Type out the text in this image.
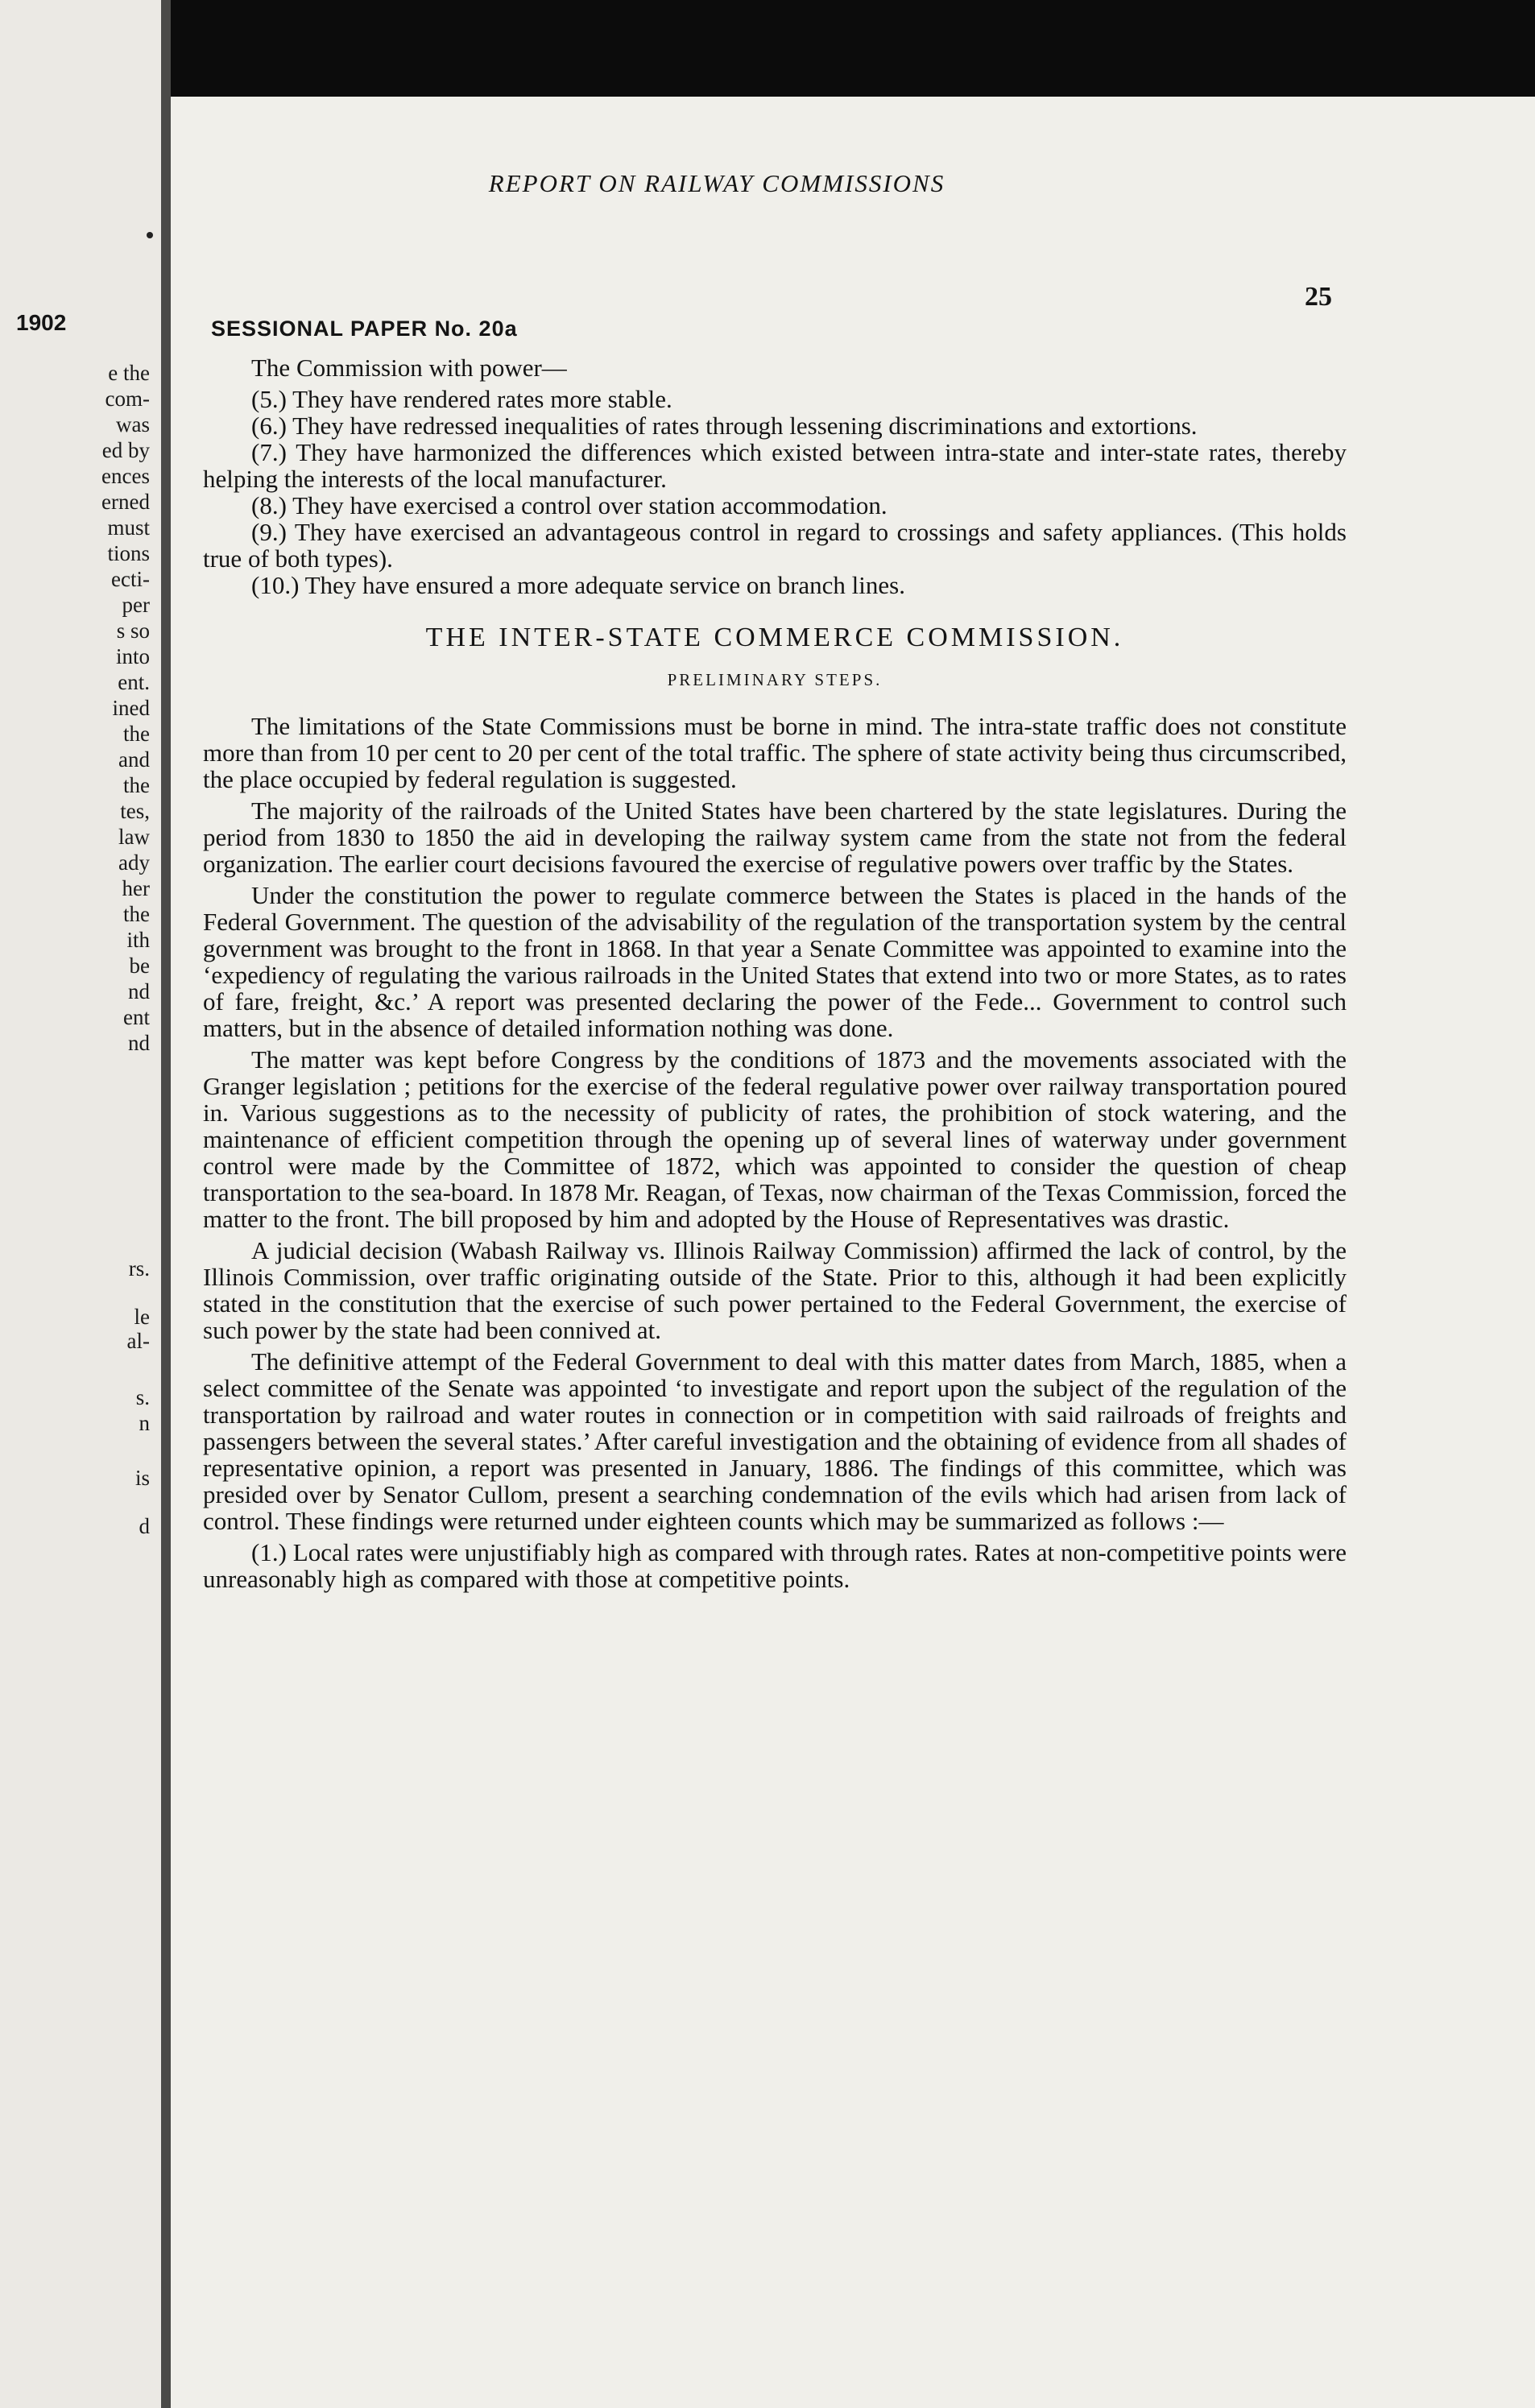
1902
e the
com-
was
ed by
ences
erned
must
tions
ecti-
per
s so
into
ent.
ined
the
and
the
tes,
law
ady
her
the
ith
be
nd
ent
nd
rs.
le
al-
s.
n
is
d
REPORT ON RAILWAY COMMISSIONS
25
SESSIONAL PAPER No. 20a

The Commission with power—

(5.) They have rendered rates more stable.

(6.) They have redressed inequalities of rates through lessening discriminations and extortions.

(7.) They have harmonized the differences which existed between intra-state and inter-state rates, thereby helping the interests of the local manufacturer.

(8.) They have exercised a control over station accommodation.

(9.) They have exercised an advantageous control in regard to crossings and safety appliances. (This holds true of both types).

(10.) They have ensured a more adequate service on branch lines.

THE INTER-STATE COMMERCE COMMISSION.
PRELIMINARY STEPS.

The limitations of the State Commissions must be borne in mind. The intra-state traffic does not constitute more than from 10 per cent to 20 per cent of the total traffic. The sphere of state activity being thus circumscribed, the place occupied by federal regulation is suggested.

The majority of the railroads of the United States have been chartered by the state legislatures. During the period from 1830 to 1850 the aid in developing the railway system came from the state not from the federal organization. The earlier court decisions favoured the exercise of regulative powers over traffic by the States.

Under the constitution the power to regulate commerce between the States is placed in the hands of the Federal Government. The question of the advisability of the regulation of the transportation system by the central government was brought to the front in 1868. In that year a Senate Committee was appointed to examine into the ‘expediency of regulating the various railroads in the United States that extend into two or more States, as to rates of fare, freight, &c.’ A report was presented declaring the power of the Fede... Government to control such matters, but in the absence of detailed information nothing was done.

The matter was kept before Congress by the conditions of 1873 and the movements associated with the Granger legislation ; petitions for the exercise of the federal regulative power over railway transportation poured in. Various suggestions as to the necessity of publicity of rates, the prohibition of stock watering, and the maintenance of efficient competition through the opening up of several lines of waterway under government control were made by the Committee of 1872, which was appointed to consider the question of cheap transportation to the sea-board. In 1878 Mr. Reagan, of Texas, now chairman of the Texas Commission, forced the matter to the front. The bill proposed by him and adopted by the House of Representatives was drastic.

A judicial decision (Wabash Railway vs. Illinois Railway Commission) affirmed the lack of control, by the Illinois Commission, over traffic originating outside of the State. Prior to this, although it had been explicitly stated in the constitution that the exercise of such power pertained to the Federal Government, the exercise of such power by the state had been connived at.

The definitive attempt of the Federal Government to deal with this matter dates from March, 1885, when a select committee of the Senate was appointed ‘to investigate and report upon the subject of the regulation of the transportation by railroad and water routes in connection or in competition with said railroads of freights and passengers between the several states.’ After careful investigation and the obtaining of evidence from all shades of representative opinion, a report was presented in January, 1886. The findings of this committee, which was presided over by Senator Cullom, present a searching condemnation of the evils which had arisen from lack of control. These findings were returned under eighteen counts which may be summarized as follows :—

(1.) Local rates were unjustifiably high as compared with through rates. Rates at non-competitive points were unreasonably high as compared with those at competitive points.
